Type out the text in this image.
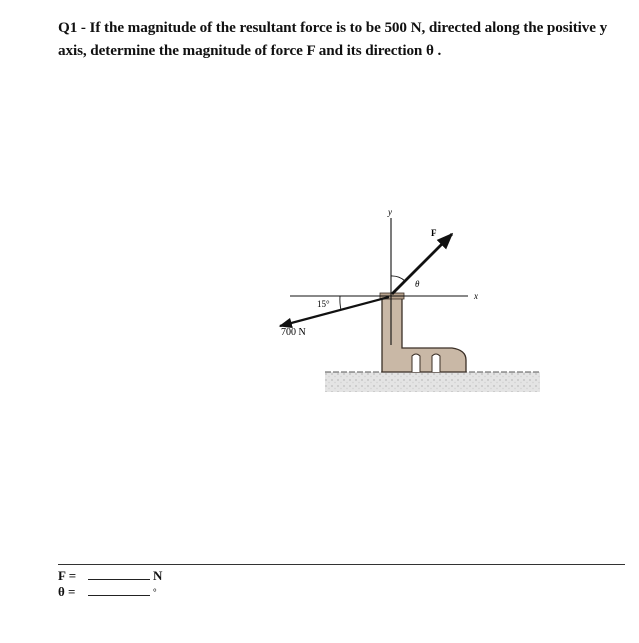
Q1 - If the magnitude of the resultant force is to be 500 N, directed along the positive y axis, determine the magnitude of force F and its direction θ .
y
x
F
θ
15°
700 N
F =	N
θ =	°
